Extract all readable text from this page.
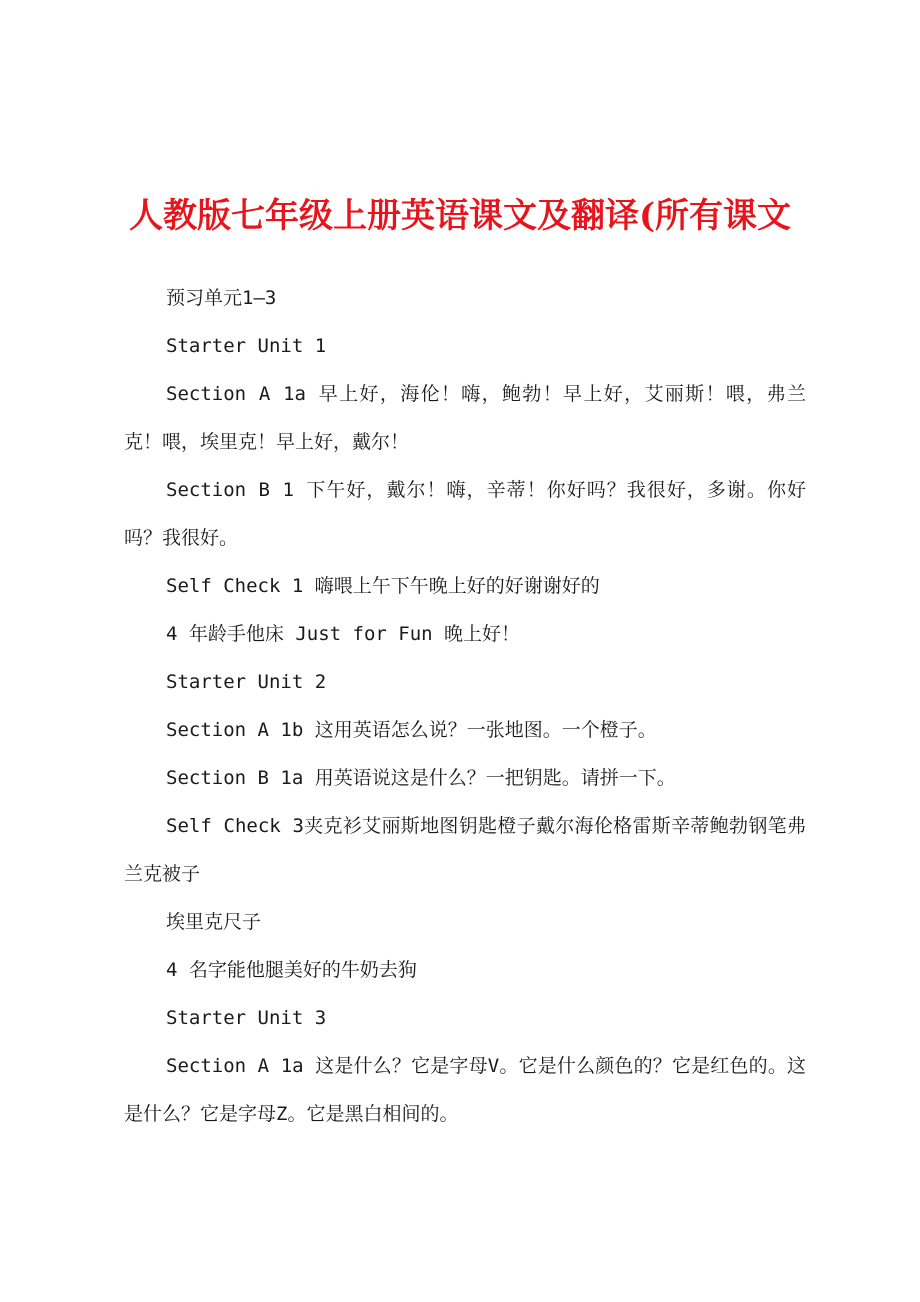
人教版七年级上册英语课文及翻译(所有课文

预习单元1—3

Starter Unit 1

Section A 1a 早上好，海伦！嗨，鲍勃！早上好，艾丽斯！喂，弗兰克！喂，埃里克！早上好，戴尔！

Section B 1 下午好，戴尔！嗨，辛蒂！你好吗？我很好，多谢。你好吗？我很好。

Self Check 1 嗨喂上午下午晚上好的好谢谢好的

4 年龄手他床 Just for Fun 晚上好！

Starter Unit 2

Section A 1b 这用英语怎么说？一张地图。一个橙子。

Section B 1a 用英语说这是什么？一把钥匙。请拼一下。

Self Check 3夹克衫艾丽斯地图钥匙橙子戴尔海伦格雷斯辛蒂鲍勃钢笔弗兰克被子

埃里克尺子

4 名字能他腿美好的牛奶去狗

Starter Unit 3

Section A 1a 这是什么？它是字母V。它是什么颜色的？它是红色的。这是什么？它是字母Z。它是黑白相间的。
